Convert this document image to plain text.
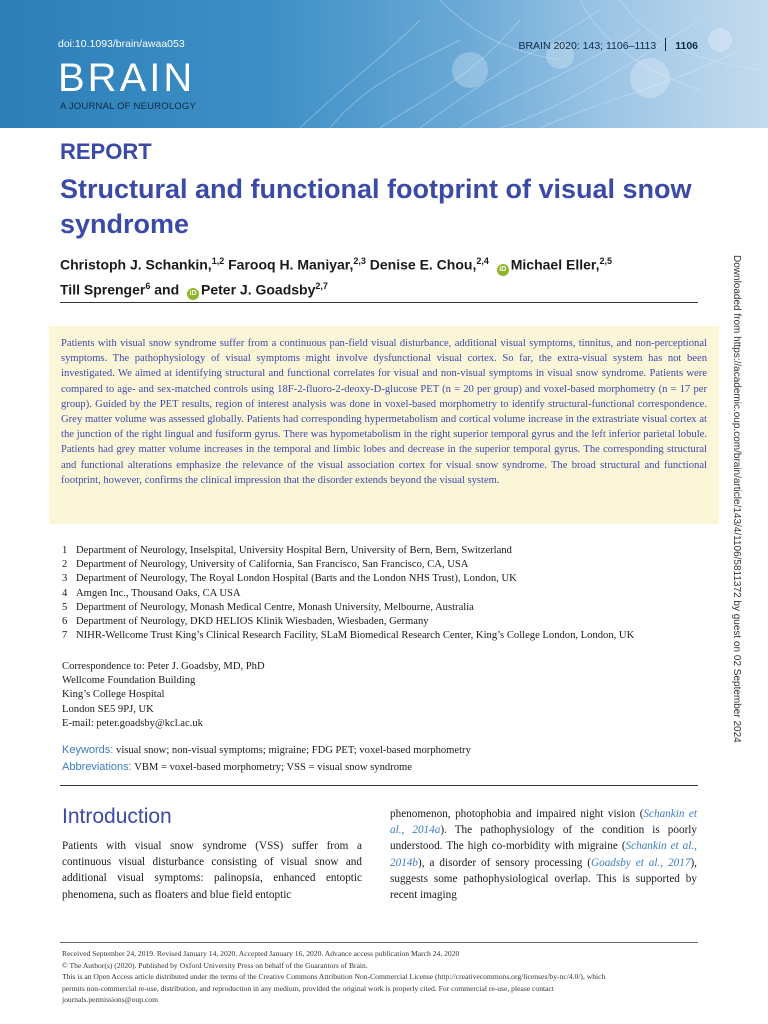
doi:10.1093/brain/awaa053	BRAIN 2020: 143; 1106–1113 1106
BRAIN
A JOURNAL OF NEUROLOGY
REPORT
Structural and functional footprint of visual snow syndrome
Christoph J. Schankin,$^{1,2}$ Farooq H. Maniyar,$^{2,3}$ Denise E. Chou,$^{2,4}$ iD Michael Eller,$^{2,5}$
Till Sprenger$^6$ and iD Peter J. Goadsby$^{2,7}$

Patients with visual snow syndrome suffer from a continuous pan-field visual disturbance, additional visual symptoms, tinnitus, and non-perceptional symptoms. The pathophysiology of visual symptoms might involve dysfunctional visual cortex. So far, the extra-visual system has not been investigated. We aimed at identifying structural and functional correlates for visual and non-visual symptoms in visual snow syndrome. Patients were compared to age- and sex-matched controls using 18F-2-fluoro-2-deoxy-D-glucose PET (n = 20 per group) and voxel-based morphometry (n = 17 per group). Guided by the PET results, region of interest analysis was done in voxel-based morphometry to identify structural-functional correspondence. Grey matter volume was assessed globally. Patients had corresponding hypermetabolism and cortical volume increase in the extrastriate visual cortex at the junction of the right lingual and fusiform gyrus. There was hypometabolism in the right superior temporal gyrus and the left inferior parietal lobule. Patients had grey matter volume increases in the temporal and limbic lobes and decrease in the superior temporal gyrus. The corresponding structural and functional alterations emphasize the relevance of the visual association cortex for visual snow syndrome. The broad structural and functional footprint, however, confirms the clinical impression that the disorder extends beyond the visual system.

1 Department of Neurology, Inselspital, University Hospital Bern, University of Bern, Bern, Switzerland
2 Department of Neurology, University of California, San Francisco, San Francisco, CA, USA
3 Department of Neurology, The Royal London Hospital (Barts and the London NHS Trust), London, UK
4 Amgen Inc., Thousand Oaks, CA USA
5 Department of Neurology, Monash Medical Centre, Monash University, Melbourne, Australia
6 Department of Neurology, DKD HELIOS Klinik Wiesbaden, Wiesbaden, Germany
7 NIHR-Wellcome Trust King’s Clinical Research Facility, SLaM Biomedical Research Center, King’s College London, London, UK
Correspondence to: Peter J. Goadsby, MD, PhD
Wellcome Foundation Building
King’s College Hospital
London SE5 9PJ, UK
E-mail: peter.goadsby@kcl.ac.uk
Keywords: visual snow; non-visual symptoms; migraine; FDG PET; voxel-based morphometry
Abbreviations: VBM = voxel-based morphometry; VSS = visual snow syndrome
Introduction
Patients with visual snow syndrome (VSS) suffer from a continuous visual disturbance consisting of visual snow and additional visual symptoms: palinopsia, enhanced entoptic phenomena, such as floaters and blue field entoptic
phenomenon, photophobia and impaired night vision (Schankin et al., 2014a). The pathophysiology of the condition is poorly understood. The high co-morbidity with migraine (Schankin et al., 2014b), a disorder of sensory processing (Goadsby et al., 2017), suggests some pathophysiological overlap. This is supported by recent imaging
Received September 24, 2019. Revised January 14, 2020. Accepted January 16, 2020. Advance access publication March 24, 2020
© The Author(s) (2020). Published by Oxford University Press on behalf of the Guarantors of Brain.
This is an Open Access article distributed under the terms of the Creative Commons Attribution Non-Commercial License (http://creativecommons.org/licenses/by-nc/4.0/), which
permits non-commercial re-use, distribution, and reproduction in any medium, provided the original work is properly cited. For commercial re-use, please contact
journals.permissions@oup.com
Downloaded from https://academic.oup.com/brain/article/143/4/1106/5811372 by guest on 02 September 2024
